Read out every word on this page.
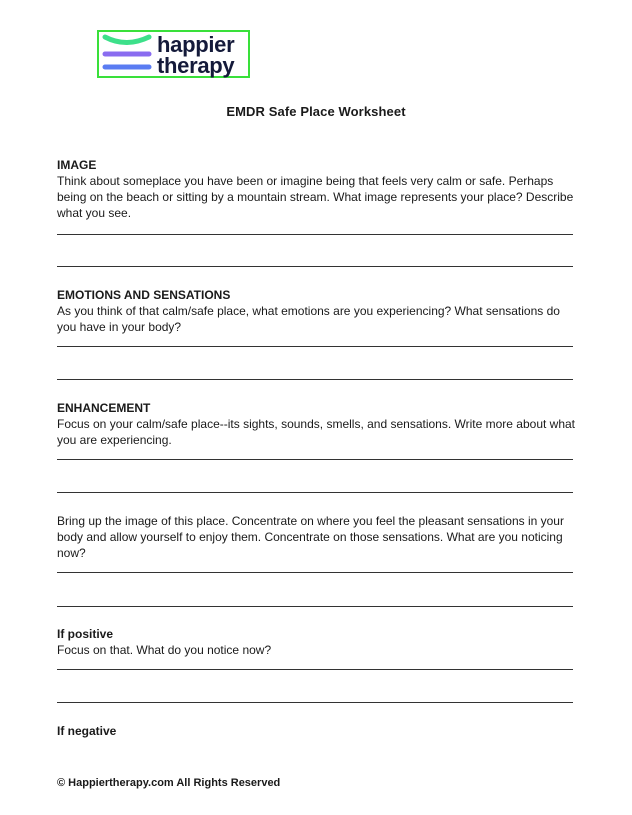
happier
therapy
EMDR Safe Place Worksheet
IMAGE
Think about someplace you have been or imagine being that feels very calm or safe. Perhaps being on the beach or sitting by a mountain stream. What image represents your place? Describe what you see.
EMOTIONS AND SENSATIONS
As you think of that calm/safe place, what emotions are you experiencing? What sensations do you have in your body?
ENHANCEMENT
Focus on your calm/safe place--its sights, sounds, smells, and sensations. Write more about what you are experiencing.
Bring up the image of this place. Concentrate on where you feel the pleasant sensations in your body and allow yourself to enjoy them. Concentrate on those sensations. What are you noticing now?
If positive
Focus on that. What do you notice now?
If negative
© Happiertherapy.com All Rights Reserved
